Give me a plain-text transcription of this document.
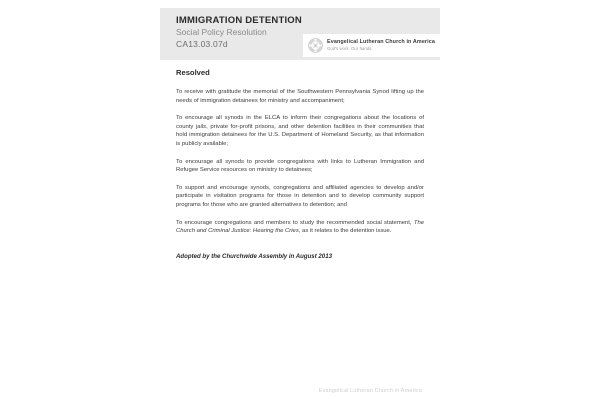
IMMIGRATION DETENTION
Social Policy Resolution
CA13.03.07d	Evangelical Lutheran Church in America
God's work. Our hands.
Resolved

To receive with gratitude the memorial of the Southwestern Pennsylvania Synod lifting up the needs of immigration detainees for ministry and accompaniment;

To encourage all synods in the ELCA to inform their congregations about the locations of county jails, private for-profit prisons, and other detention facilities in their communities that hold immigration detainees for the U.S. Department of Homeland Security, as that information is publicly available;

To encourage all synods to provide congregations with links to Lutheran Immigration and Refugee Service resources on ministry to detainees;

To support and encourage synods, congregations and affiliated agencies to develop and/or participate in visitation programs for those in detention and to develop community support programs for those who are granted alternatives to detention; and

To encourage congregations and members to study the recommended social statement, The Church and Criminal Justice: Hearing the Cries, as it relates to the detention issue.

Adopted by the Churchwide Assembly in August 2013
Evangelical Lutheran Church in America
